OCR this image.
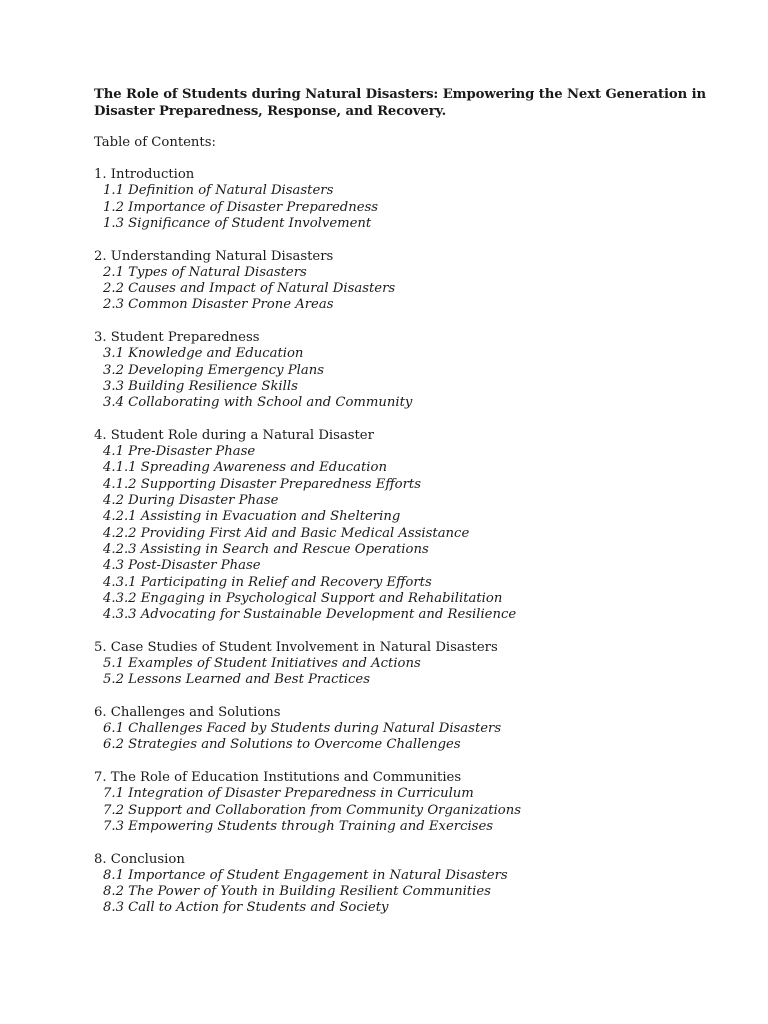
The Role of Students during Natural Disasters: Empowering the Next Generation in Disaster Preparedness, Response, and Recovery.

Table of Contents:

1. Introduction
1.1 Definition of Natural Disasters
1.2 Importance of Disaster Preparedness
1.3 Significance of Student Involvement
2. Understanding Natural Disasters
2.1 Types of Natural Disasters
2.2 Causes and Impact of Natural Disasters
2.3 Common Disaster Prone Areas
3. Student Preparedness
3.1 Knowledge and Education
3.2 Developing Emergency Plans
3.3 Building Resilience Skills
3.4 Collaborating with School and Community
4. Student Role during a Natural Disaster
4.1 Pre-Disaster Phase
4.1.1 Spreading Awareness and Education
4.1.2 Supporting Disaster Preparedness Efforts
4.2 During Disaster Phase
4.2.1 Assisting in Evacuation and Sheltering
4.2.2 Providing First Aid and Basic Medical Assistance
4.2.3 Assisting in Search and Rescue Operations
4.3 Post-Disaster Phase
4.3.1 Participating in Relief and Recovery Efforts
4.3.2 Engaging in Psychological Support and Rehabilitation
4.3.3 Advocating for Sustainable Development and Resilience
5. Case Studies of Student Involvement in Natural Disasters
5.1 Examples of Student Initiatives and Actions
5.2 Lessons Learned and Best Practices
6. Challenges and Solutions
6.1 Challenges Faced by Students during Natural Disasters
6.2 Strategies and Solutions to Overcome Challenges
7. The Role of Education Institutions and Communities
7.1 Integration of Disaster Preparedness in Curriculum
7.2 Support and Collaboration from Community Organizations
7.3 Empowering Students through Training and Exercises
8. Conclusion
8.1 Importance of Student Engagement in Natural Disasters
8.2 The Power of Youth in Building Resilient Communities
8.3 Call to Action for Students and Society
